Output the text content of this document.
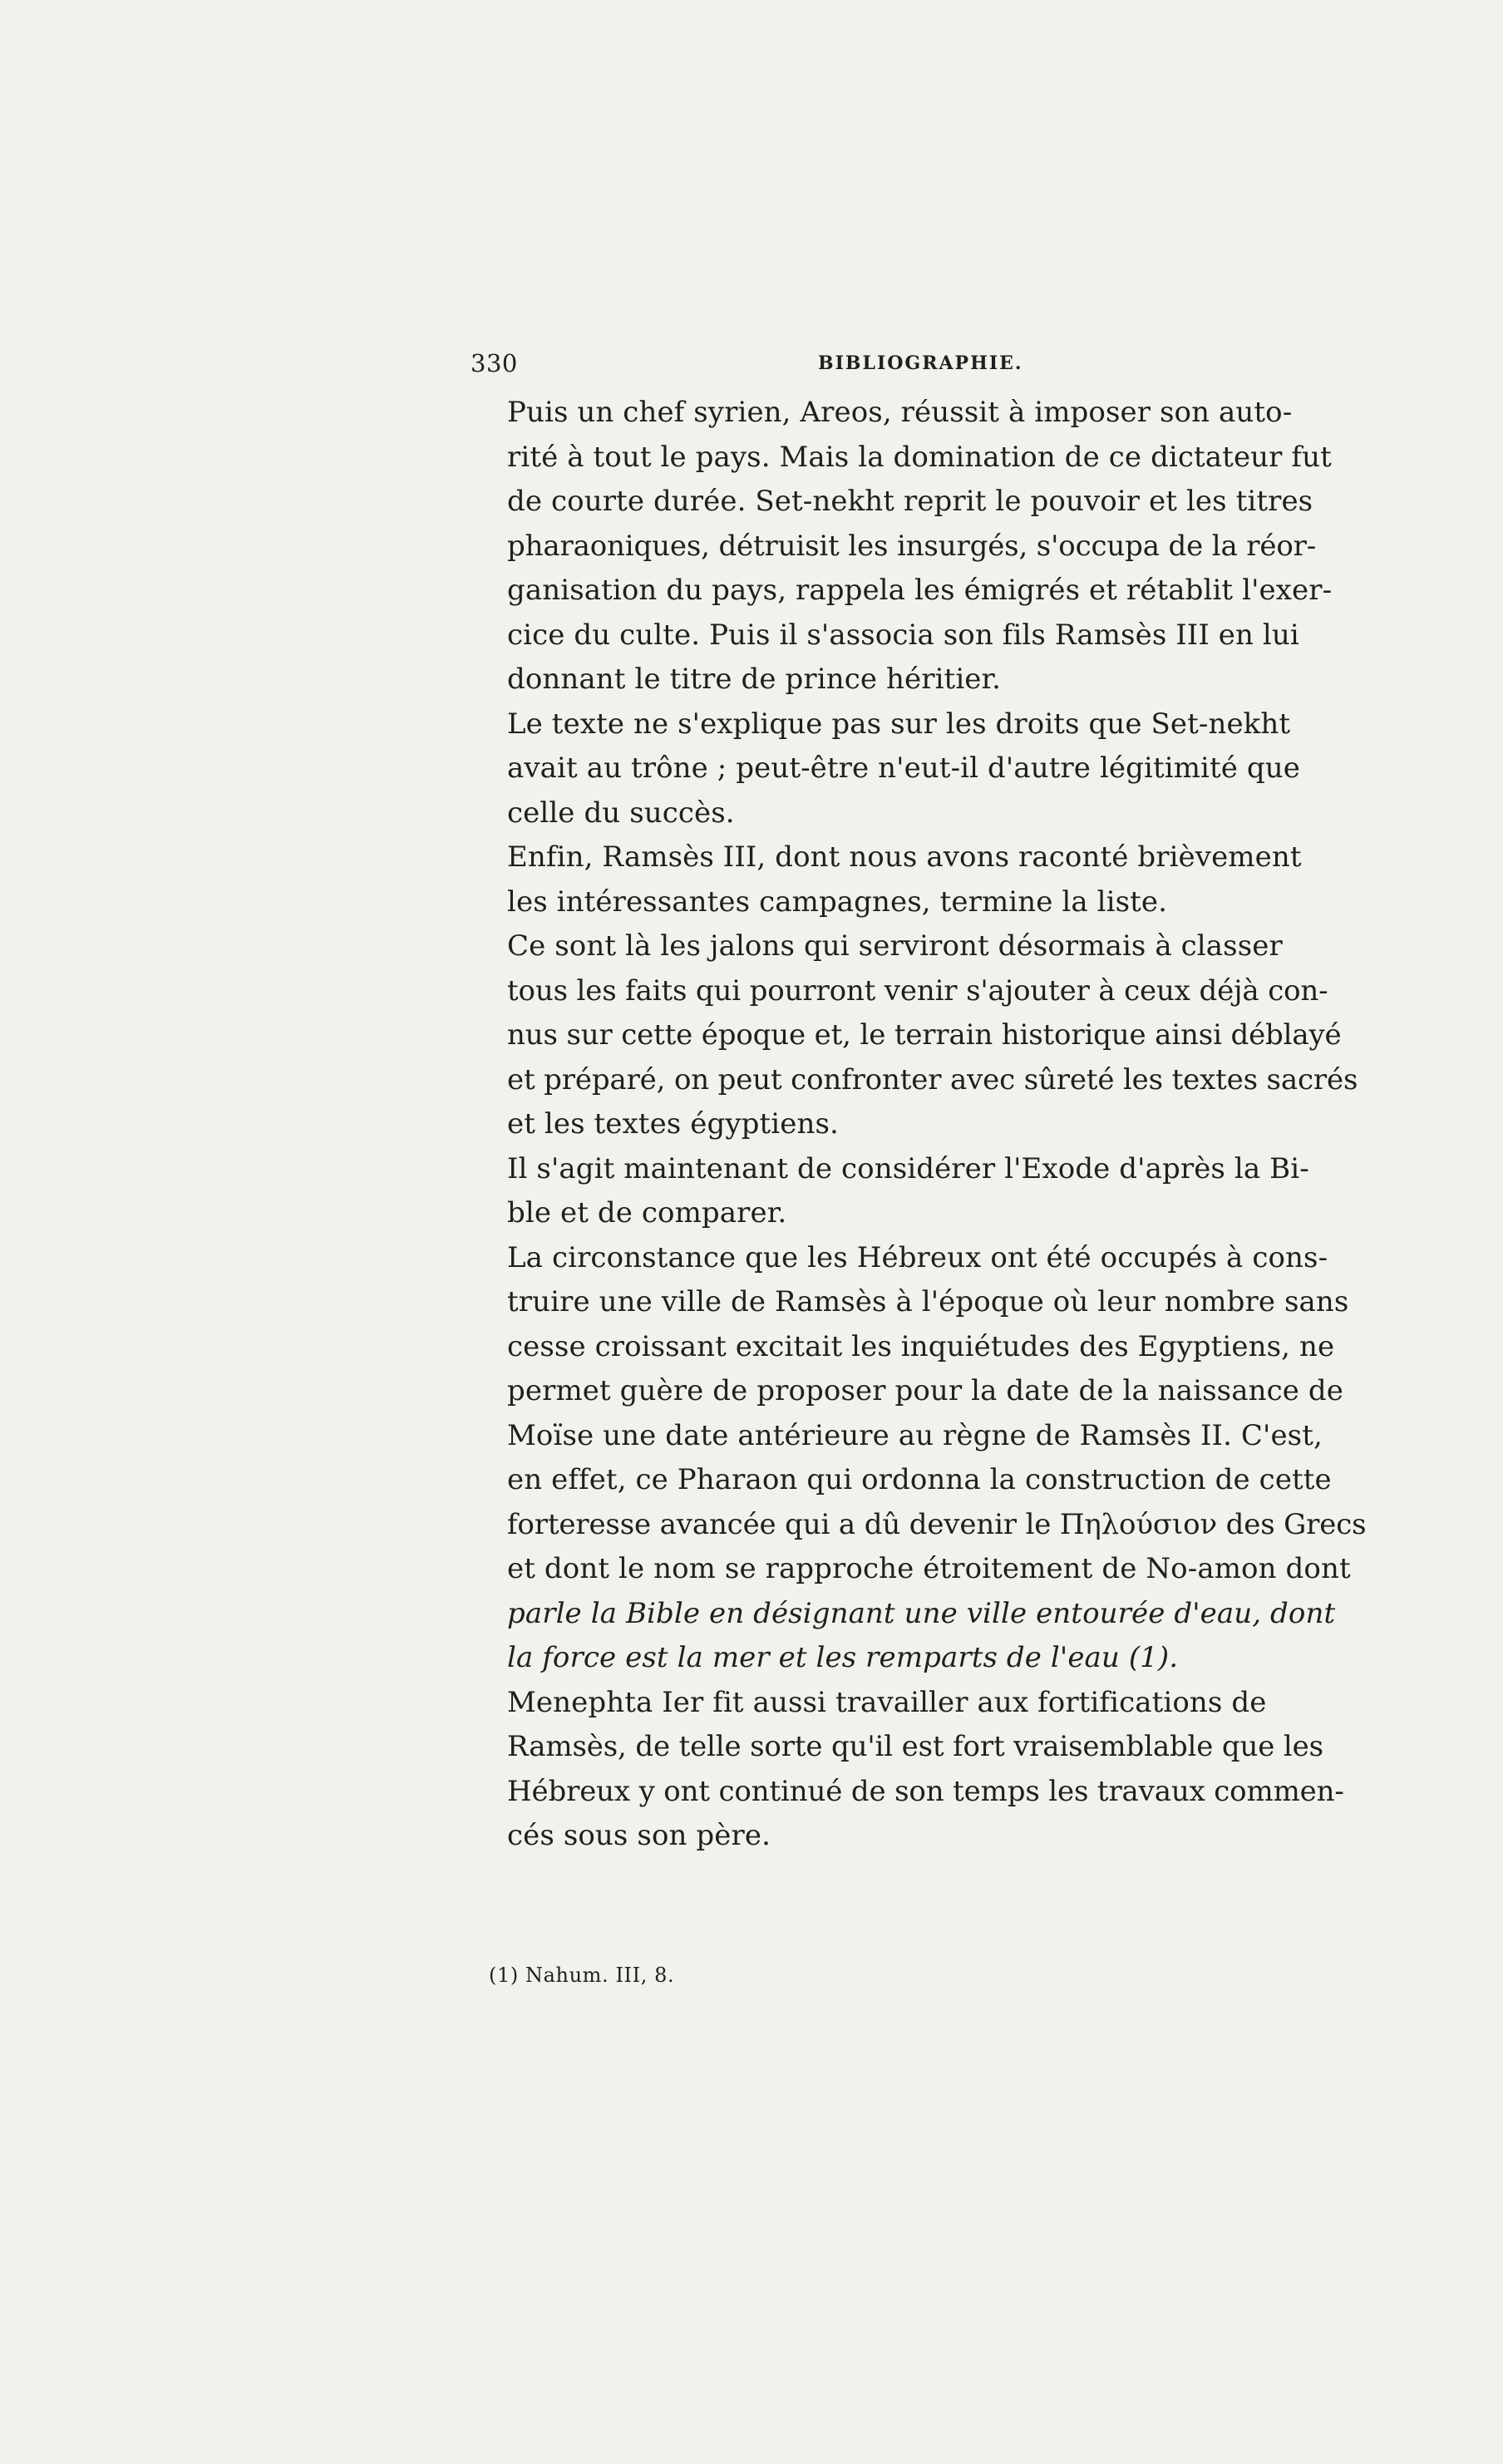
330	BIBLIOGRAPHIE.

Puis un chef syrien, Areos, réussit à imposer son auto-
rité à tout le pays. Mais la domination de ce dictateur fut
de courte durée. Set-nekht reprit le pouvoir et les titres
pharaoniques, détruisit les insurgés, s'occupa de la réor-
ganisation du pays, rappela les émigrés et rétablit l'exer-
cice du culte. Puis il s'associa son fils Ramsès III en lui
donnant le titre de prince héritier.

Le texte ne s'explique pas sur les droits que Set-nekht
avait au trône ; peut-être n'eut-il d'autre légitimité que
celle du succès.

Enfin, Ramsès III, dont nous avons raconté brièvement
les intéressantes campagnes, termine la liste.

Ce sont là les jalons qui serviront désormais à classer
tous les faits qui pourront venir s'ajouter à ceux déjà con-
nus sur cette époque et, le terrain historique ainsi déblayé
et préparé, on peut confronter avec sûreté les textes sacrés
et les textes égyptiens.

Il s'agit maintenant de considérer l'Exode d'après la Bi-
ble et de comparer.

La circonstance que les Hébreux ont été occupés à cons-
truire une ville de Ramsès à l'époque où leur nombre sans
cesse croissant excitait les inquiétudes des Egyptiens, ne
permet guère de proposer pour la date de la naissance de
Moïse une date antérieure au règne de Ramsès II. C'est,
en effet, ce Pharaon qui ordonna la construction de cette
forteresse avancée qui a dû devenir le Πηλούσιον des Grecs
et dont le nom se rapproche étroitement de No-amon dont
parle la Bible en désignant une ville entourée d'eau, dont
la force est la mer et les remparts de l'eau (1).

Menephta Ier fit aussi travailler aux fortifications de
Ramsès, de telle sorte qu'il est fort vraisemblable que les
Hébreux y ont continué de son temps les travaux commen-
cés sous son père.

(1) Nahum. III, 8.
